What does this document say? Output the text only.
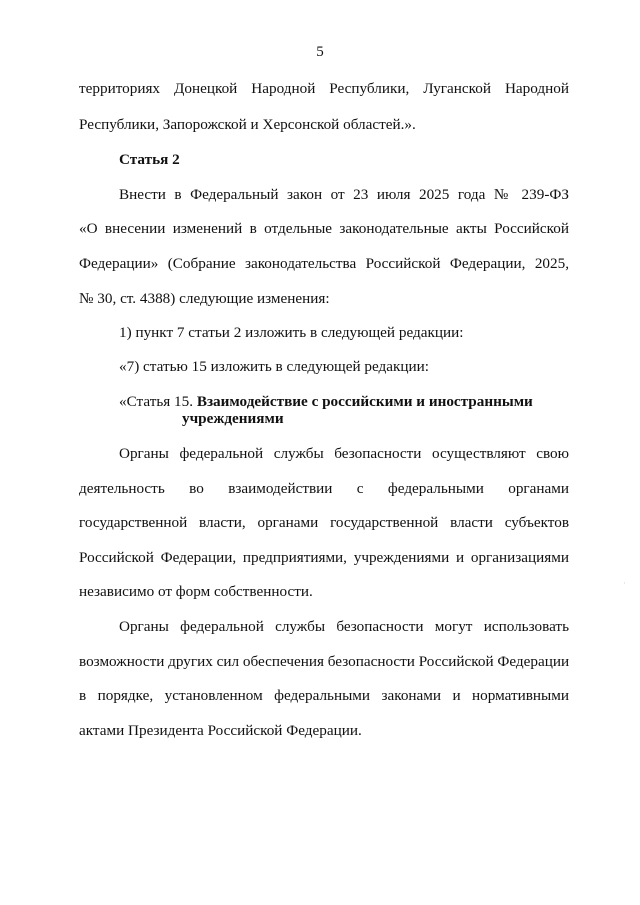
5
территориях Донецкой Народной Республики, Луганской Народной
Республики, Запорожской и Херсонской областей.».
Статья 2
Внести в Федеральный закон от 23 июля 2025 года № 239-ФЗ
«О внесении изменений в отдельные законодательные акты Российской
Федерации» (Собрание законодательства Российской Федерации, 2025,
№ 30, ст. 4388) следующие изменения:
1) пункт 7 статьи 2 изложить в следующей редакции:
«7) статью 15 изложить в следующей редакции:
«Статья 15. Взаимодействие с российскими и иностранными
учреждениями
Органы федеральной службы безопасности осуществляют свою
деятельность во взаимодействии с федеральными органами
государственной власти, органами государственной власти субъектов
Российской Федерации, предприятиями, учреждениями и организациями
независимо от форм собственности.
Органы федеральной службы безопасности могут использовать
возможности других сил обеспечения безопасности Российской Федерации
в порядке, установленном федеральными законами и нормативными
актами Президента Российской Федерации.
·
